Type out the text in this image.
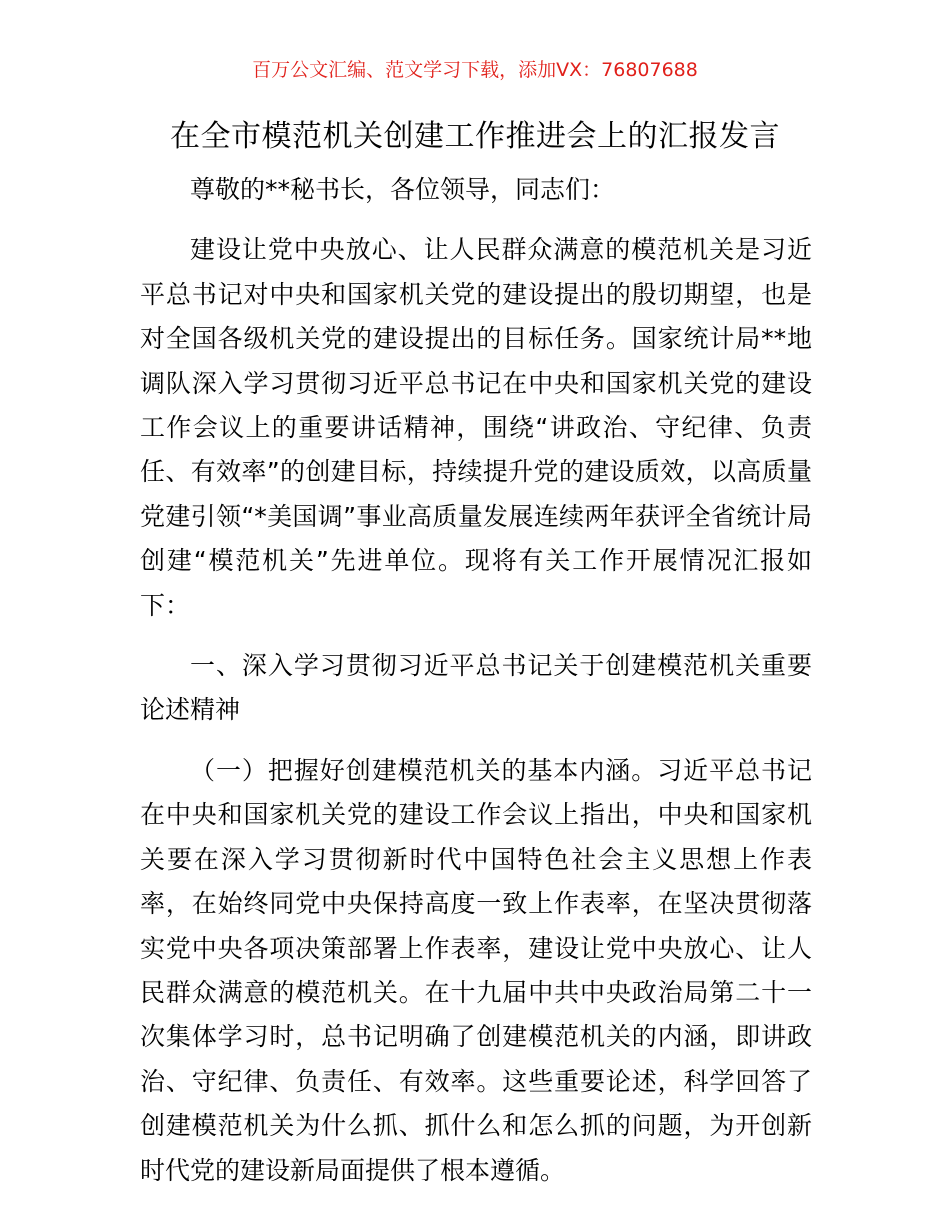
百万公文汇编、范文学习下载，添加VX：76807688
在全市模范机关创建工作推进会上的汇报发言

尊敬的**秘书长，各位领导，同志们：

建设让党中央放心、让人民群众满意的模范机关是习近平总书记对中央和国家机关党的建设提出的殷切期望，也是对全国各级机关党的建设提出的目标任务。国家统计局**地调队深入学习贯彻习近平总书记在中央和国家机关党的建设工作会议上的重要讲话精神，围绕“讲政治、守纪律、负责任、有效率”的创建目标，持续提升党的建设质效，以高质量党建引领“*美国调”事业高质量发展连续两年获评全省统计局创建“模范机关”先进单位。现将有关工作开展情况汇报如下：

一、深入学习贯彻习近平总书记关于创建模范机关重要论述精神

（一）把握好创建模范机关的基本内涵。习近平总书记在中央和国家机关党的建设工作会议上指出，中央和国家机关要在深入学习贯彻新时代中国特色社会主义思想上作表率，在始终同党中央保持高度一致上作表率，在坚决贯彻落实党中央各项决策部署上作表率，建设让党中央放心、让人民群众满意的模范机关。在十九届中共中央政治局第二十一次集体学习时，总书记明确了创建模范机关的内涵，即讲政治、守纪律、负责任、有效率。这些重要论述，科学回答了创建模范机关为什么抓、抓什么和怎么抓的问题，为开创新时代党的建设新局面提供了根本遵循。
